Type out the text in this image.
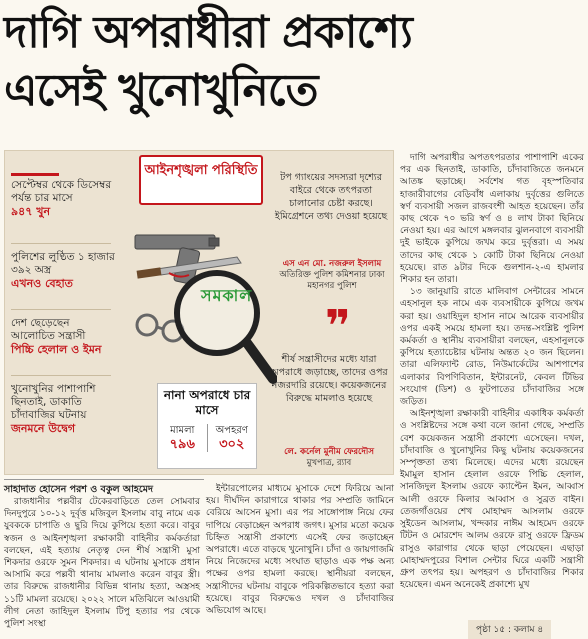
দাগি অপরাধীরা প্রকাশ্যে
এসেই খুনোখুনিতে
সেপ্টেম্বর থেকে ডিসেম্বর পর্যন্ত চার মাসে
৯৪৭ খুন
পুলিশের লুণ্ঠিত ১ হাজার ৩৯২ অস্ত্র
এখনও বেহাত
দেশ ছেড়েছেন আলোচিত সন্ত্রাসী
পিচ্চি হেলাল ও ইমন
খুনোখুনির পাশাপাশি ছিনতাই, ডাকাতি চাঁদাবাজির ঘটনায়
জনমনে উদ্বেগ
আইনশৃঙ্খলা পরিস্থিতি
সমকাল
টপ গ্যাংয়ের সদস্যরা দৃশ্যের বাইরে থেকে তৎপরতা চালানোর চেষ্টা করছে। ইমিগ্রেশনে তথ্য দেওয়া হয়েছে
এস এন মো. নজরুল ইসলাম
অতিরিক্ত পুলিশ কমিশনার ঢাকা মহানগর পুলিশ
❞
শীর্ষ সন্ত্রাসীদের মধ্যে যারা অপরাধে জড়াচ্ছে, তাদের ওপর নজরদারি রয়েছে। কয়েকজনের বিরুদ্ধে মামলাও হয়েছে
লে. কর্নেল মুনীম ফেরদৌস
মুখপাত্র, র‍্যাব
নানা অপরাধে চার মাসে
মামলা
৭৯৬
অপহরণ
৩০২

দাগি অপরাধীর অপতৎপরতার পাশাপাশি একের পর এক ছিনতাই, ডাকাতি, চাঁদাবাজিতে জনমনে আতঙ্ক ছড়াচ্ছে। সর্বশেষ গত বৃহস্পতিবার হাজারীবাগের বেড়িবাঁধ এলাকায় দুর্বৃত্তের গুলিতে স্বর্ণ ব্যবসায়ী সজল রাজবংশী আহত হয়েছেন। তাঁর কাছ থেকে ৭০ ভরি স্বর্ণ ও ৪ লাখ টাকা ছিনিয়ে নেওয়া হয়। এর আগে মঙ্গলবার ঝুলনবাগে ব্যবসায়ী দুই ভাইকে কুপিয়ে জখম করে দুর্বৃত্তরা। এ সময় তাদের কাছ থেকে ১ কোটি টাকা ছিনিয়ে নেওয়া হয়েছে। রাত ৯টার দিকে গুলশান-২-এ হামলার শিকার হন তারা।

১৩ জানুয়ারি রাতে মালিবাগ সেন্টারের সামনে এহসানুল হক নামে এক ব্যবসায়ীকে কুপিয়ে জখম করা হয়। ওয়াহিদুল হাসান নামে আরেক ব্যবসায়ীর ওপর একই সময়ে হামলা হয়। তদন্ত-সংশ্লিষ্ট পুলিশ কর্মকর্তা ও স্থানীয় ব্যবসায়ীরা বলছেন, এহসানুলকে কুপিয়ে হত্যাচেষ্টার ঘটনায় অন্তত ২০ জন ছিলেন। তারা এলিফ্যান্ট রোড, নিউমার্কেটের আশপাশের এলাকার বিপণিবিতান, ইন্টারনেট, কেবল টিভির সংযোগ (ডিশ) ও ফুটপাতের চাঁদাবাজির সঙ্গে জড়িত।

আইনশৃঙ্খলা রক্ষাকারী বাহিনীর একাধিক কর্মকর্তা ও সংশ্লিষ্টদের সঙ্গে কথা বলে জানা গেছে, সম্প্রতি বেশ কয়েকজন সন্ত্রাসী প্রকাশ্যে এসেছেন। দখল, চাঁদাবাজি ও খুনোখুনির কিছু ঘটনায় কয়েকজনের সম্পৃক্ততা তথ্য মিলেছে। এদের মধ্যে রয়েছেন ইমামুল হাসান হেলাল ওরফে পিচ্চি হেলাল, সানজিদুল ইসলাম ওরফে ক্যাপ্টেন ইমন, আব্বাস আলী ওরফে কিলার আব্বাস ও সুব্রত বাইন। তেজগাঁওয়ের শেখ মোহাম্মদ আসলাম ওরফে সুইডেন আসলাম, খন্দকার নাঈম আহমেদ ওরফে টিটন ও মোরশেদ আলম ওরফে রাসু ওরফে ফ্রিডম রাসুও কারাগার থেকে ছাড়া পেয়েছেন। এছাড়া মোহাম্মদপুরের বিশাল সেন্টার ঘিরে একটি সন্ত্রাসী গ্রুপ তৎপর হয়। অপহরণ ও চাঁদাবাজির শিকার হয়েছেন। এমন অনেকেই প্রকাশ্যে মুখ

সাহাদাত হোসেন পরশ ও বকুল আহমেদ

রাজধানীর পল্লবীর টেকেরবাড়িতে তেল সোমবার দিনদুপুরে ১০-১২ দুর্বৃত্ত মজিবুল ইসলাম বাবু নামে এক যুবককে চাপাতি ও ছুরি দিয়ে কুপিয়ে হত্যা করে। বাবুর স্বজন ও আইনশৃঙ্খলা রক্ষাকারী বাহিনীর কর্মকর্তারা বলছেন, এই হত্যায় নেতৃত্ব দেন শীর্ষ সন্ত্রাসী মুসা শিকদার ওরফে সুমন শিকদার। এ ঘটনায় মুসাকে প্রধান আসামি করে পল্লবী থানায় মামলাও করেন বাবুর স্ত্রী। তার বিরুদ্ধে রাজধানীর বিভিন্ন থানায় হত্যা, অস্ত্রসহ ১১টি মামলা রয়েছে। ২০২২ সালে মতিঝিলে আওয়ামী লীগ নেতা জাহিদুল ইসলাম টিপু হত্যার পর থেকে পুলিশ সংস্থা

ইন্টারপোলের মাধ্যমে মুসাকে দেশে ফিরিয়ে আনা হয়। দীর্ঘদিন কারাগারে থাকার পর সম্প্রতি জামিনে বেরিয়ে আসেন মুসা। এর পর সাঙ্গোপাঙ্গ নিয়ে ফের দাপিয়ে বেড়াচ্ছেন অপরাধ জগৎ। মুসার মতো কয়েক চিহ্নিত সন্ত্রাসী প্রকাশ্যে এসেই ফের জড়াচ্ছেন অপরাধে। এতে বাড়ছে খুনোখুনি। চাঁদা ও জায়গাজমি নিয়ে নিজেদের মধ্যে সংঘাত ছাড়াও এক পক্ষ অন্য পক্ষের ওপর হামলা করছে। স্থানীয়রা বলছেন, সন্ত্রাসীদের ঘটনায় বাবুকে পরিকল্পিতভাবে হত্যা করা হয়েছে। বাবুর বিরুদ্ধেও দখল ও চাঁদাবাজির অভিযোগ আছে।

পৃষ্ঠা ১৫ : কলাম ৪
